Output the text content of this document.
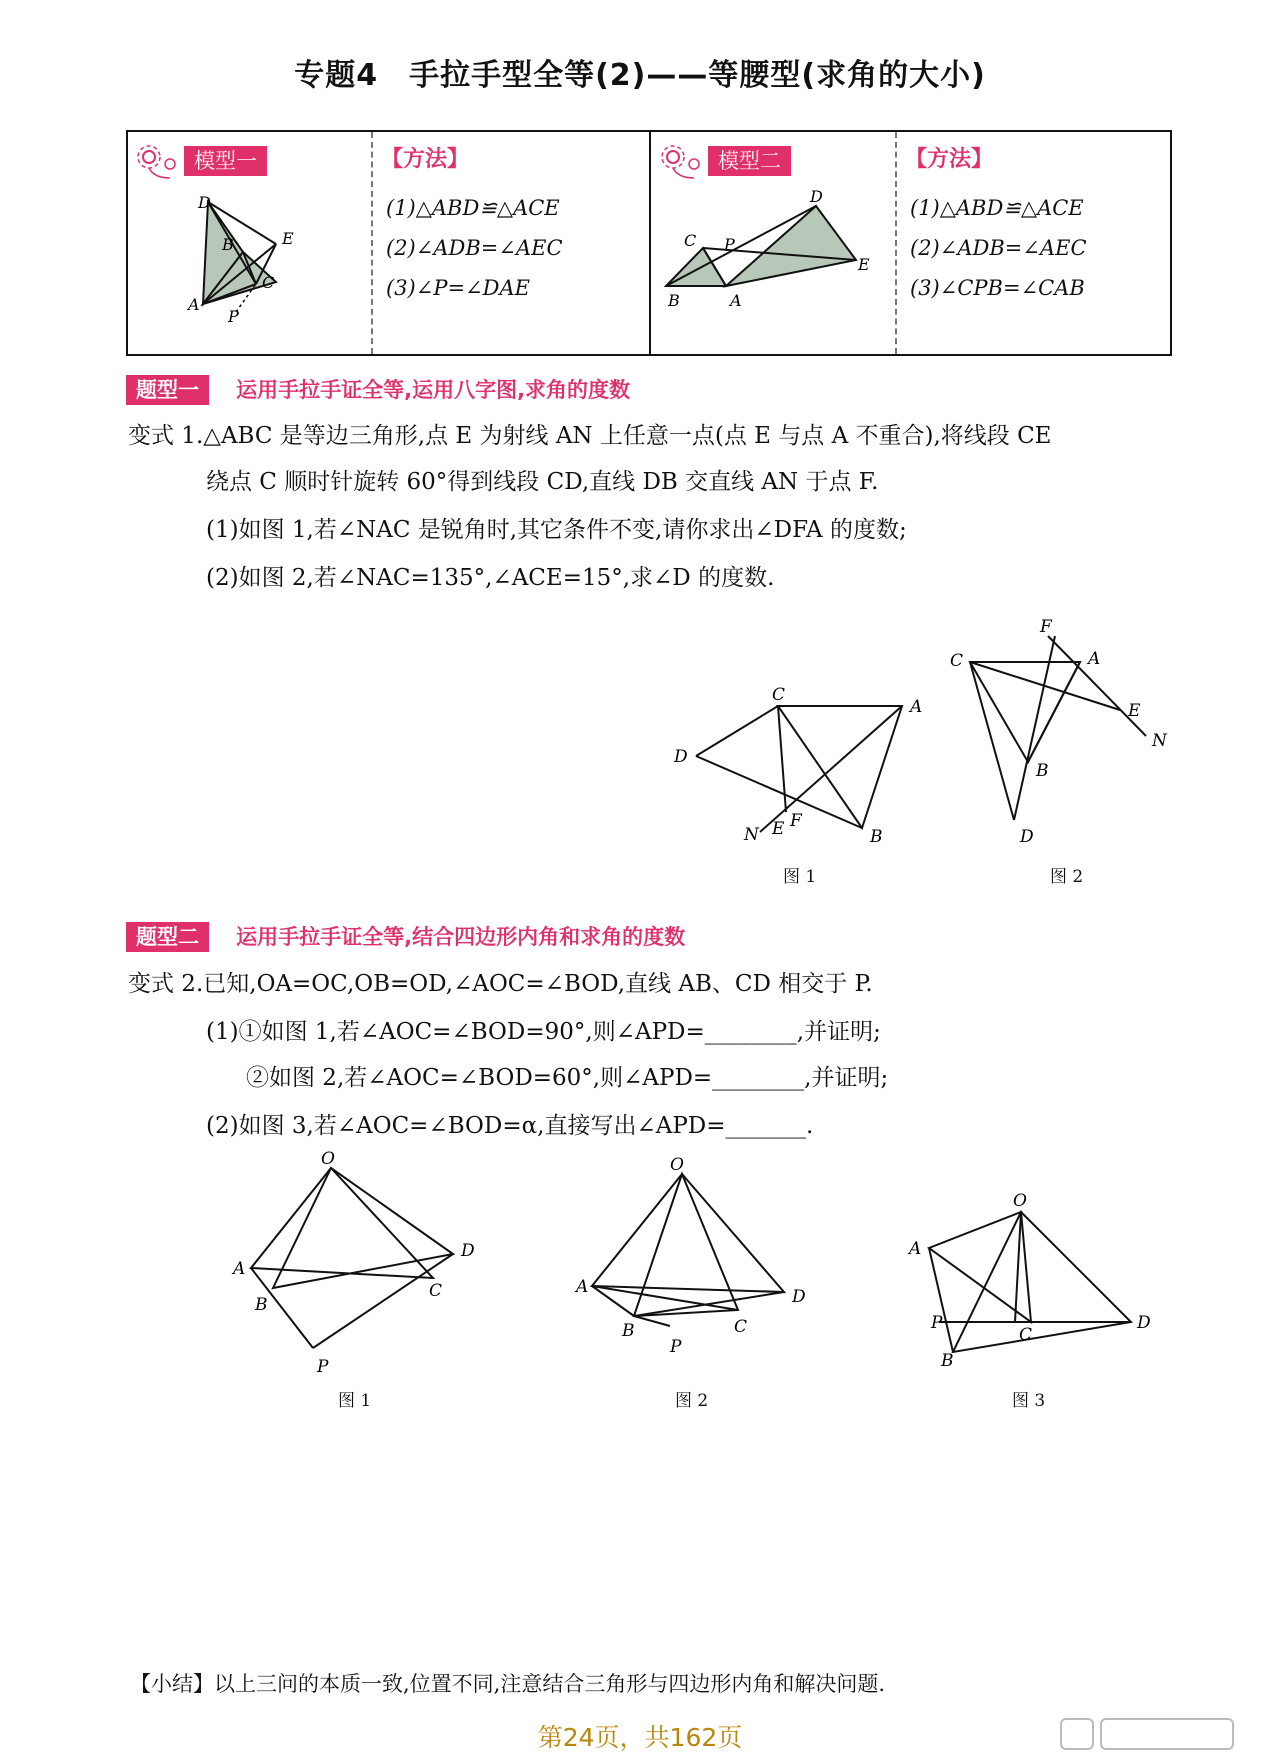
专题4　手拉手型全等(2)——等腰型(求角的大小)
模型一
D
B	E
C
A
P
【方法】
(1)△ABD≌△ACE
(2)∠ADB=∠AEC
(3)∠P=∠DAE
模型二
D
C P
E
B	A
【方法】
(1)△ABD≌△ACE
(2)∠ADB=∠AEC
(3)∠CPB=∠CAB
题型一 运用手拉手证全等,运用八字图,求角的度数
变式 1.△ABC 是等边三角形,点 E 为射线 AN 上任意一点(点 E 与点 A 不重合),将线段 CE
绕点 C 顺时针旋转 60°得到线段 CD,直线 DB 交直线 AN 于点 F.
(1)如图 1,若∠NAC 是锐角时,其它条件不变,请你求出∠DFA 的度数;
(2)如图 2,若∠NAC=135°,∠ACE=15°,求∠D 的度数.
C
A
D
N E F
B
图 1
F
C	A
E
N
B
D
图 2
题型二 运用手拉手证全等,结合四边形内角和求角的度数
变式 2.已知,OA=OC,OB=OD,∠AOC=∠BOD,直线 AB、CD 相交于 P.
(1)①如图 1,若∠AOC=∠BOD=90°,则∠APD=________,并证明;
②如图 2,若∠AOC=∠BOD=60°,则∠APD=________,并证明;
(2)如图 3,若∠AOC=∠BOD=α,直接写出∠APD=_______.
O
A
B
D
C
P
图 1
O
A
B
D
C
P
图 2
O
A
P
B
C
D
图 3
【小结】以上三问的本质一致,位置不同,注意结合三角形与四边形内角和解决问题.
第24页，共162页
